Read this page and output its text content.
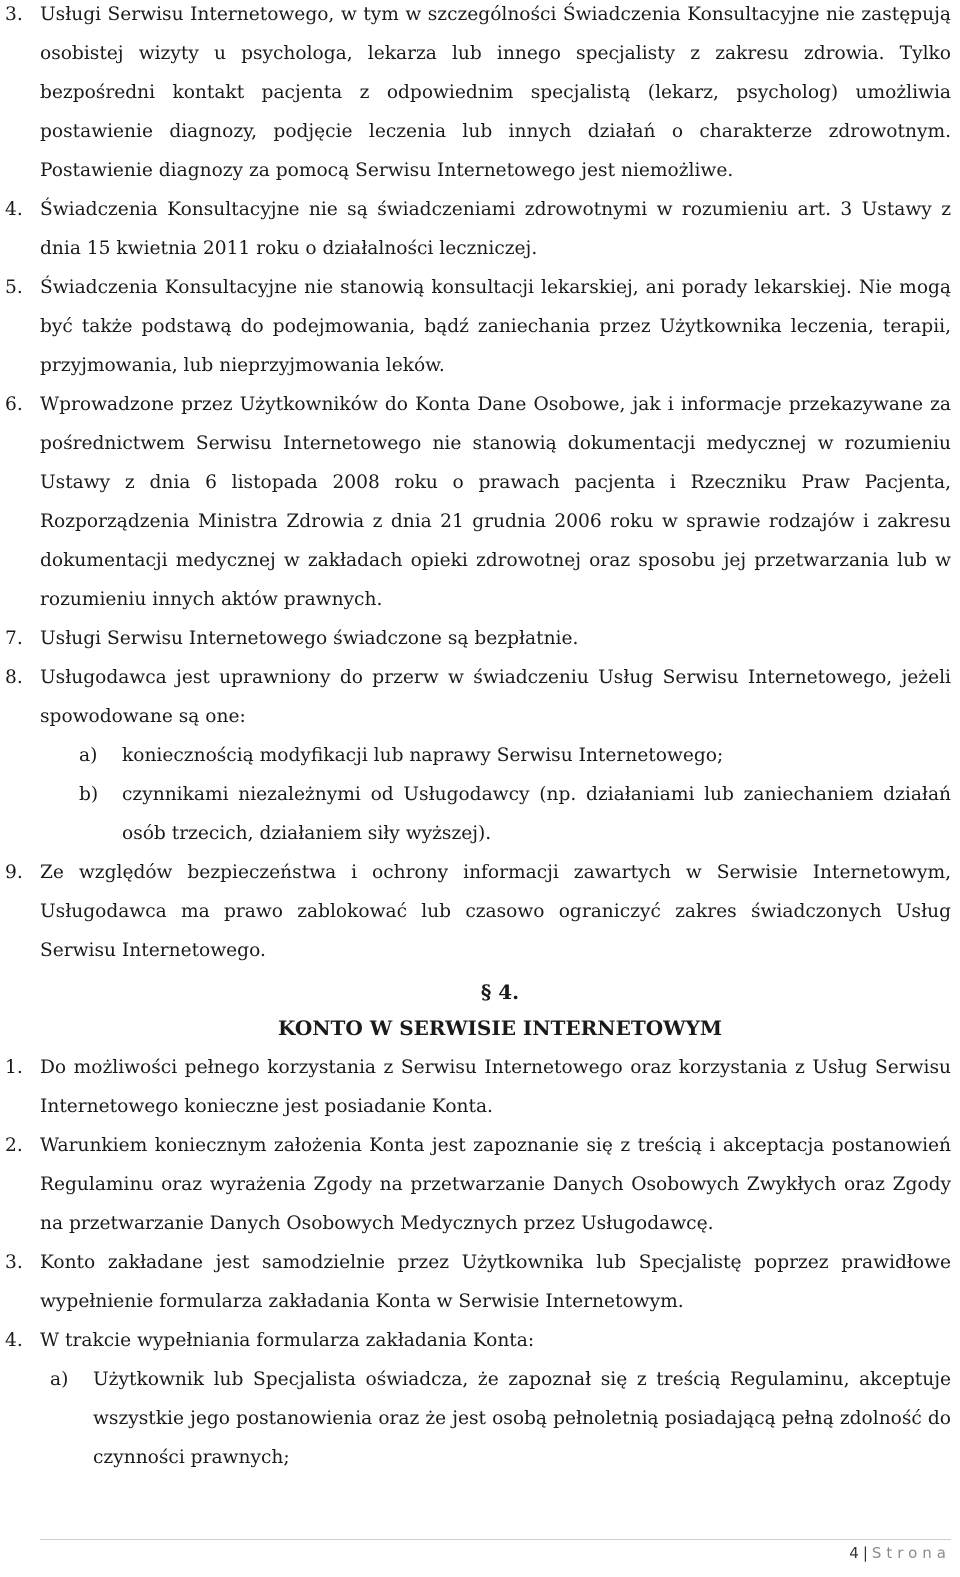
3. Usługi Serwisu Internetowego, w tym w szczególności Świadczenia Konsultacyjne nie zastępują osobistej wizyty u psychologa, lekarza lub innego specjalisty z zakresu zdrowia. Tylko bezpośredni kontakt pacjenta z odpowiednim specjalistą (lekarz, psycholog) umożliwia postawienie diagnozy, podjęcie leczenia lub innych działań o charakterze zdrowotnym. Postawienie diagnozy za pomocą Serwisu Internetowego jest niemożliwe.
4. Świadczenia Konsultacyjne nie są świadczeniami zdrowotnymi w rozumieniu art. 3 Ustawy z dnia 15 kwietnia 2011 roku o działalności leczniczej.
5. Świadczenia Konsultacyjne nie stanowią konsultacji lekarskiej, ani porady lekarskiej. Nie mogą być także podstawą do podejmowania, bądź zaniechania przez Użytkownika leczenia, terapii, przyjmowania, lub nieprzyjmowania leków.
6. Wprowadzone przez Użytkowników do Konta Dane Osobowe, jak i informacje przekazywane za pośrednictwem Serwisu Internetowego nie stanowią dokumentacji medycznej w rozumieniu Ustawy z dnia 6 listopada 2008 roku o prawach pacjenta i Rzeczniku Praw Pacjenta, Rozporządzenia Ministra Zdrowia z dnia 21 grudnia 2006 roku w sprawie rodzajów i zakresu dokumentacji medycznej w zakładach opieki zdrowotnej oraz sposobu jej przetwarzania lub w rozumieniu innych aktów prawnych.
7. Usługi Serwisu Internetowego świadczone są bezpłatnie.
8. Usługodawca jest uprawniony do przerw w świadczeniu Usług Serwisu Internetowego, jeżeli spowodowane są one:
a) koniecznością modyfikacji lub naprawy Serwisu Internetowego;
b) czynnikami niezależnymi od Usługodawcy (np. działaniami lub zaniechaniem działań osób trzecich, działaniem siły wyższej).
9. Ze względów bezpieczeństwa i ochrony informacji zawartych w Serwisie Internetowym, Usługodawca ma prawo zablokować lub czasowo ograniczyć zakres świadczonych Usług Serwisu Internetowego.
§ 4.
KONTO W SERWISIE INTERNETOWYM
1. Do możliwości pełnego korzystania z Serwisu Internetowego oraz korzystania z Usług Serwisu Internetowego konieczne jest posiadanie Konta.
2. Warunkiem koniecznym założenia Konta jest zapoznanie się z treścią i akceptacja postanowień Regulaminu oraz wyrażenia Zgody na przetwarzanie Danych Osobowych Zwykłych oraz Zgody na przetwarzanie Danych Osobowych Medycznych przez Usługodawcę.
3. Konto zakładane jest samodzielnie przez Użytkownika lub Specjalistę poprzez prawidłowe wypełnienie formularza zakładania Konta w Serwisie Internetowym.
4. W trakcie wypełniania formularza zakładania Konta:
a) Użytkownik lub Specjalista oświadcza, że zapoznał się z treścią Regulaminu, akceptuje wszystkie jego postanowienia oraz że jest osobą pełnoletnią posiadającą pełną zdolność do czynności prawnych;
4 | Strona
